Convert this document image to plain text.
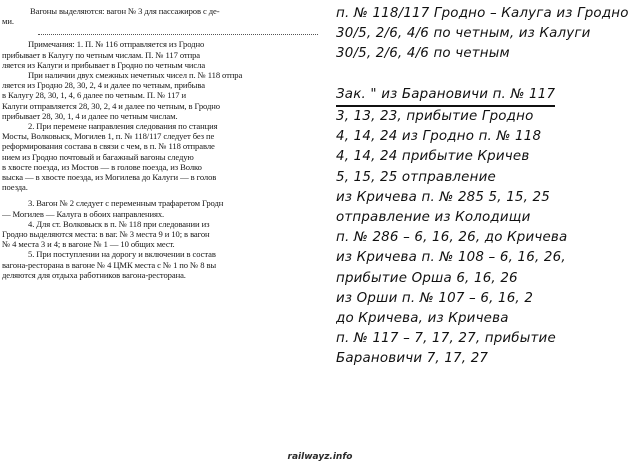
Вагоны выделяются: вагон № 3 для пассажиров с де-
ми.
Примечания: 1. П. № 116 отправляется из Гродно
прибывает в Калугу по четным числам. П. № 117 отпра
ляется из Калуги и прибывает в Гродно по четным числа
При наличии двух смежных нечетных чисел п. № 118 отпра
ляется из Гродно 28, 30, 2, 4 и далее по четным, прибыва
в Калугу 28, 30, 1, 4, 6 далее по четным. П. № 117 и
Калуги отправляется 28, 30, 2, 4 и далее по четным, в Гродно
прибывает 28, 30, 1, 4 и далее по четным числам.
2. При перемене направления следования по станция
Мосты, Волковыск, Могилев 1, п. № 118/117 следует без пе
реформирования состава в связи с чем, в п. № 118 отправле
нием из Гродно почтовый и багажный вагоны следую
в хвосте поезда, из Мостов — в голове поезда, из Волко
выска — в хвосте поезда, из Могилева до Калуги — в голов
поезда.
3. Вагон № 2 следует с переменным трафаретом Гродн
— Могилев — Калуга в обоих направлениях.
4. Для ст. Волковыск в п. № 118 при следовании из
Гродно выделяются места: в ваг. № 3 места 9 и 10; в вагон
№ 4 места 3 и 4; в вагоне № 1 — 10 общих мест.
5. При поступлении на дорогу и включении в состав
вагона-ресторана в вагоне № 4 ЦМК места с № 1 по № 8 вы
деляются для отдыха работников вагона-ресторана.
п. № 118/117 Гродно – Калуга из Гродно
30/5, 2/6, 4/6 по четным, из Калуги
30/5, 2/6, 4/6 по четным

Зак. " из Барановичи п. № 117
3, 13, 23, прибытие Гродно
4, 14, 24 из Гродно п. № 118
4, 14, 24 прибытие Кричев
5, 15, 25 отправление
из Кричева п. № 285 5, 15, 25
отправление из Колодищи
п. № 286 – 6, 16, 26, до Кричева
из Кричева п. № 108 – 6, 16, 26,
прибытие Орша 6, 16, 26
из Орши п. № 107 – 6, 16, 2
до Кричева, из Кричева
п. № 117 – 7, 17, 27, прибытие
Барановичи 7, 17, 27
railwayz.info
